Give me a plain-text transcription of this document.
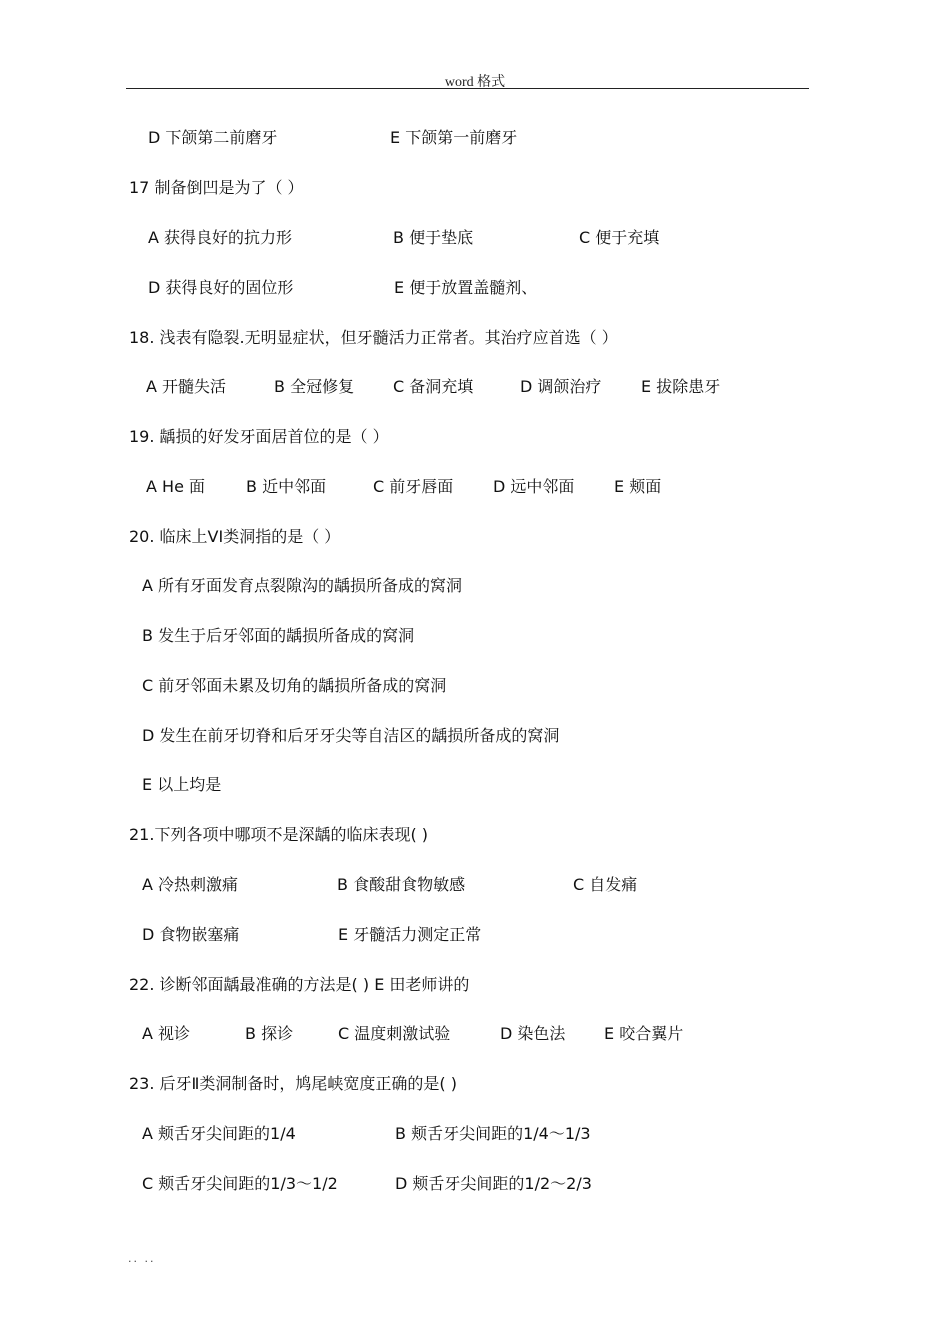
word 格式
D 下颌第二前磨牙	E 下颌第一前磨牙
17 制备倒凹是为了（ ）
A 获得良好的抗力形	B 便于垫底	C 便于充填
D 获得良好的固位形	E 便于放置盖髓剂、
18. 浅表有隐裂.无明显症状，但牙髓活力正常者。其治疗应首选（ ）
A 开髓失活	B 全冠修复 C 备洞充填	D 调颌治疗 E 拔除患牙
19. 龋损的好发牙面居首位的是（ ）
A He 面	B 近中邻面	C 前牙唇面 D 远中邻面 E 颊面
20. 临床上VI类洞指的是（ ）
A 所有牙面发育点裂隙沟的龋损所备成的窝洞
B 发生于后牙邻面的龋损所备成的窝洞
C 前牙邻面未累及切角的龋损所备成的窝洞
D 发生在前牙切脊和后牙牙尖等自洁区的龋损所备成的窝洞
E 以上均是
21.下列各项中哪项不是深龋的临床表现( )
A 冷热刺激痛	B 食酸甜食物敏感	C 自发痛
D 食物嵌塞痛	E 牙髓活力测定正常
22. 诊断邻面龋最准确的方法是( ) E 田老师讲的
A 视诊	B 探诊	C 温度刺激试验	D 染色法 E 咬合翼片
23. 后牙Ⅱ类洞制备时，鸠尾峡宽度正确的是( )
A 颊舌牙尖间距的1/4	B 颊舌牙尖间距的1/4～1/3
C 颊舌牙尖间距的1/3～1/2	D 颊舌牙尖间距的1/2～2/3
.. ..
